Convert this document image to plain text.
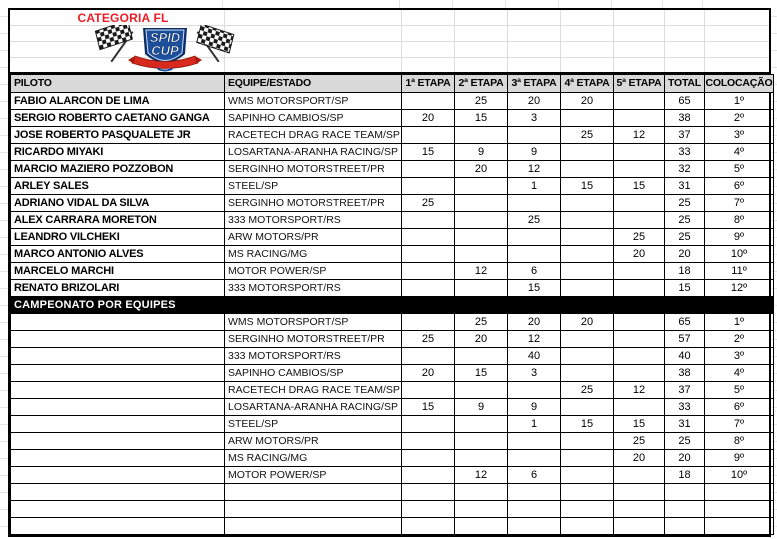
CATEGORIA FL
SPID
CUP
PILOTO	EQUIPE/ESTADO	1ª ETAPA	2ª ETAPA	3ª ETAPA	4ª ETAPA	5ª ETAPA	TOTAL	COLOCAÇÃO
FABIO ALARCON DE LIMA	WMS MOTORSPORT/SP		25	20	20		65	1º
SERGIO ROBERTO CAETANO GANGA	SAPINHO CAMBIOS/SP	20	15	3			38	2º
JOSE ROBERTO PASQUALETE JR	RACETECH DRAG RACE TEAM/SP				25	12	37	3º
RICARDO MIYAKI	LOSARTANA-ARANHA RACING/SP	15	9	9			33	4º
MARCIO MAZIERO POZZOBON	SERGINHO MOTORSTREET/PR		20	12			32	5º
ARLEY SALES	STEEL/SP			1	15	15	31	6º
ADRIANO VIDAL DA SILVA	SERGINHO MOTORSTREET/PR	25					25	7º
ALEX CARRARA MORETON	333 MOTORSPORT/RS			25			25	8º
LEANDRO VILCHEKI	ARW MOTORS/PR					25	25	9º
MARCO ANTONIO ALVES	MS RACING/MG					20	20	10º
MARCELO MARCHI	MOTOR POWER/SP		12	6			18	11º
RENATO BRIZOLARI	333 MOTORSPORT/RS			15			15	12º
CAMPEONATO POR EQUIPES								
	WMS MOTORSPORT/SP		25	20	20		65	1º
	SERGINHO MOTORSTREET/PR	25	20	12			57	2º
	333 MOTORSPORT/RS			40			40	3º
	SAPINHO CAMBIOS/SP	20	15	3			38	4º
	RACETECH DRAG RACE TEAM/SP				25	12	37	5º
	LOSARTANA-ARANHA RACING/SP	15	9	9			33	6º
	STEEL/SP			1	15	15	31	7º
	ARW MOTORS/PR					25	25	8º
	MS RACING/MG					20	20	9º
	MOTOR POWER/SP		12	6			18	10º
